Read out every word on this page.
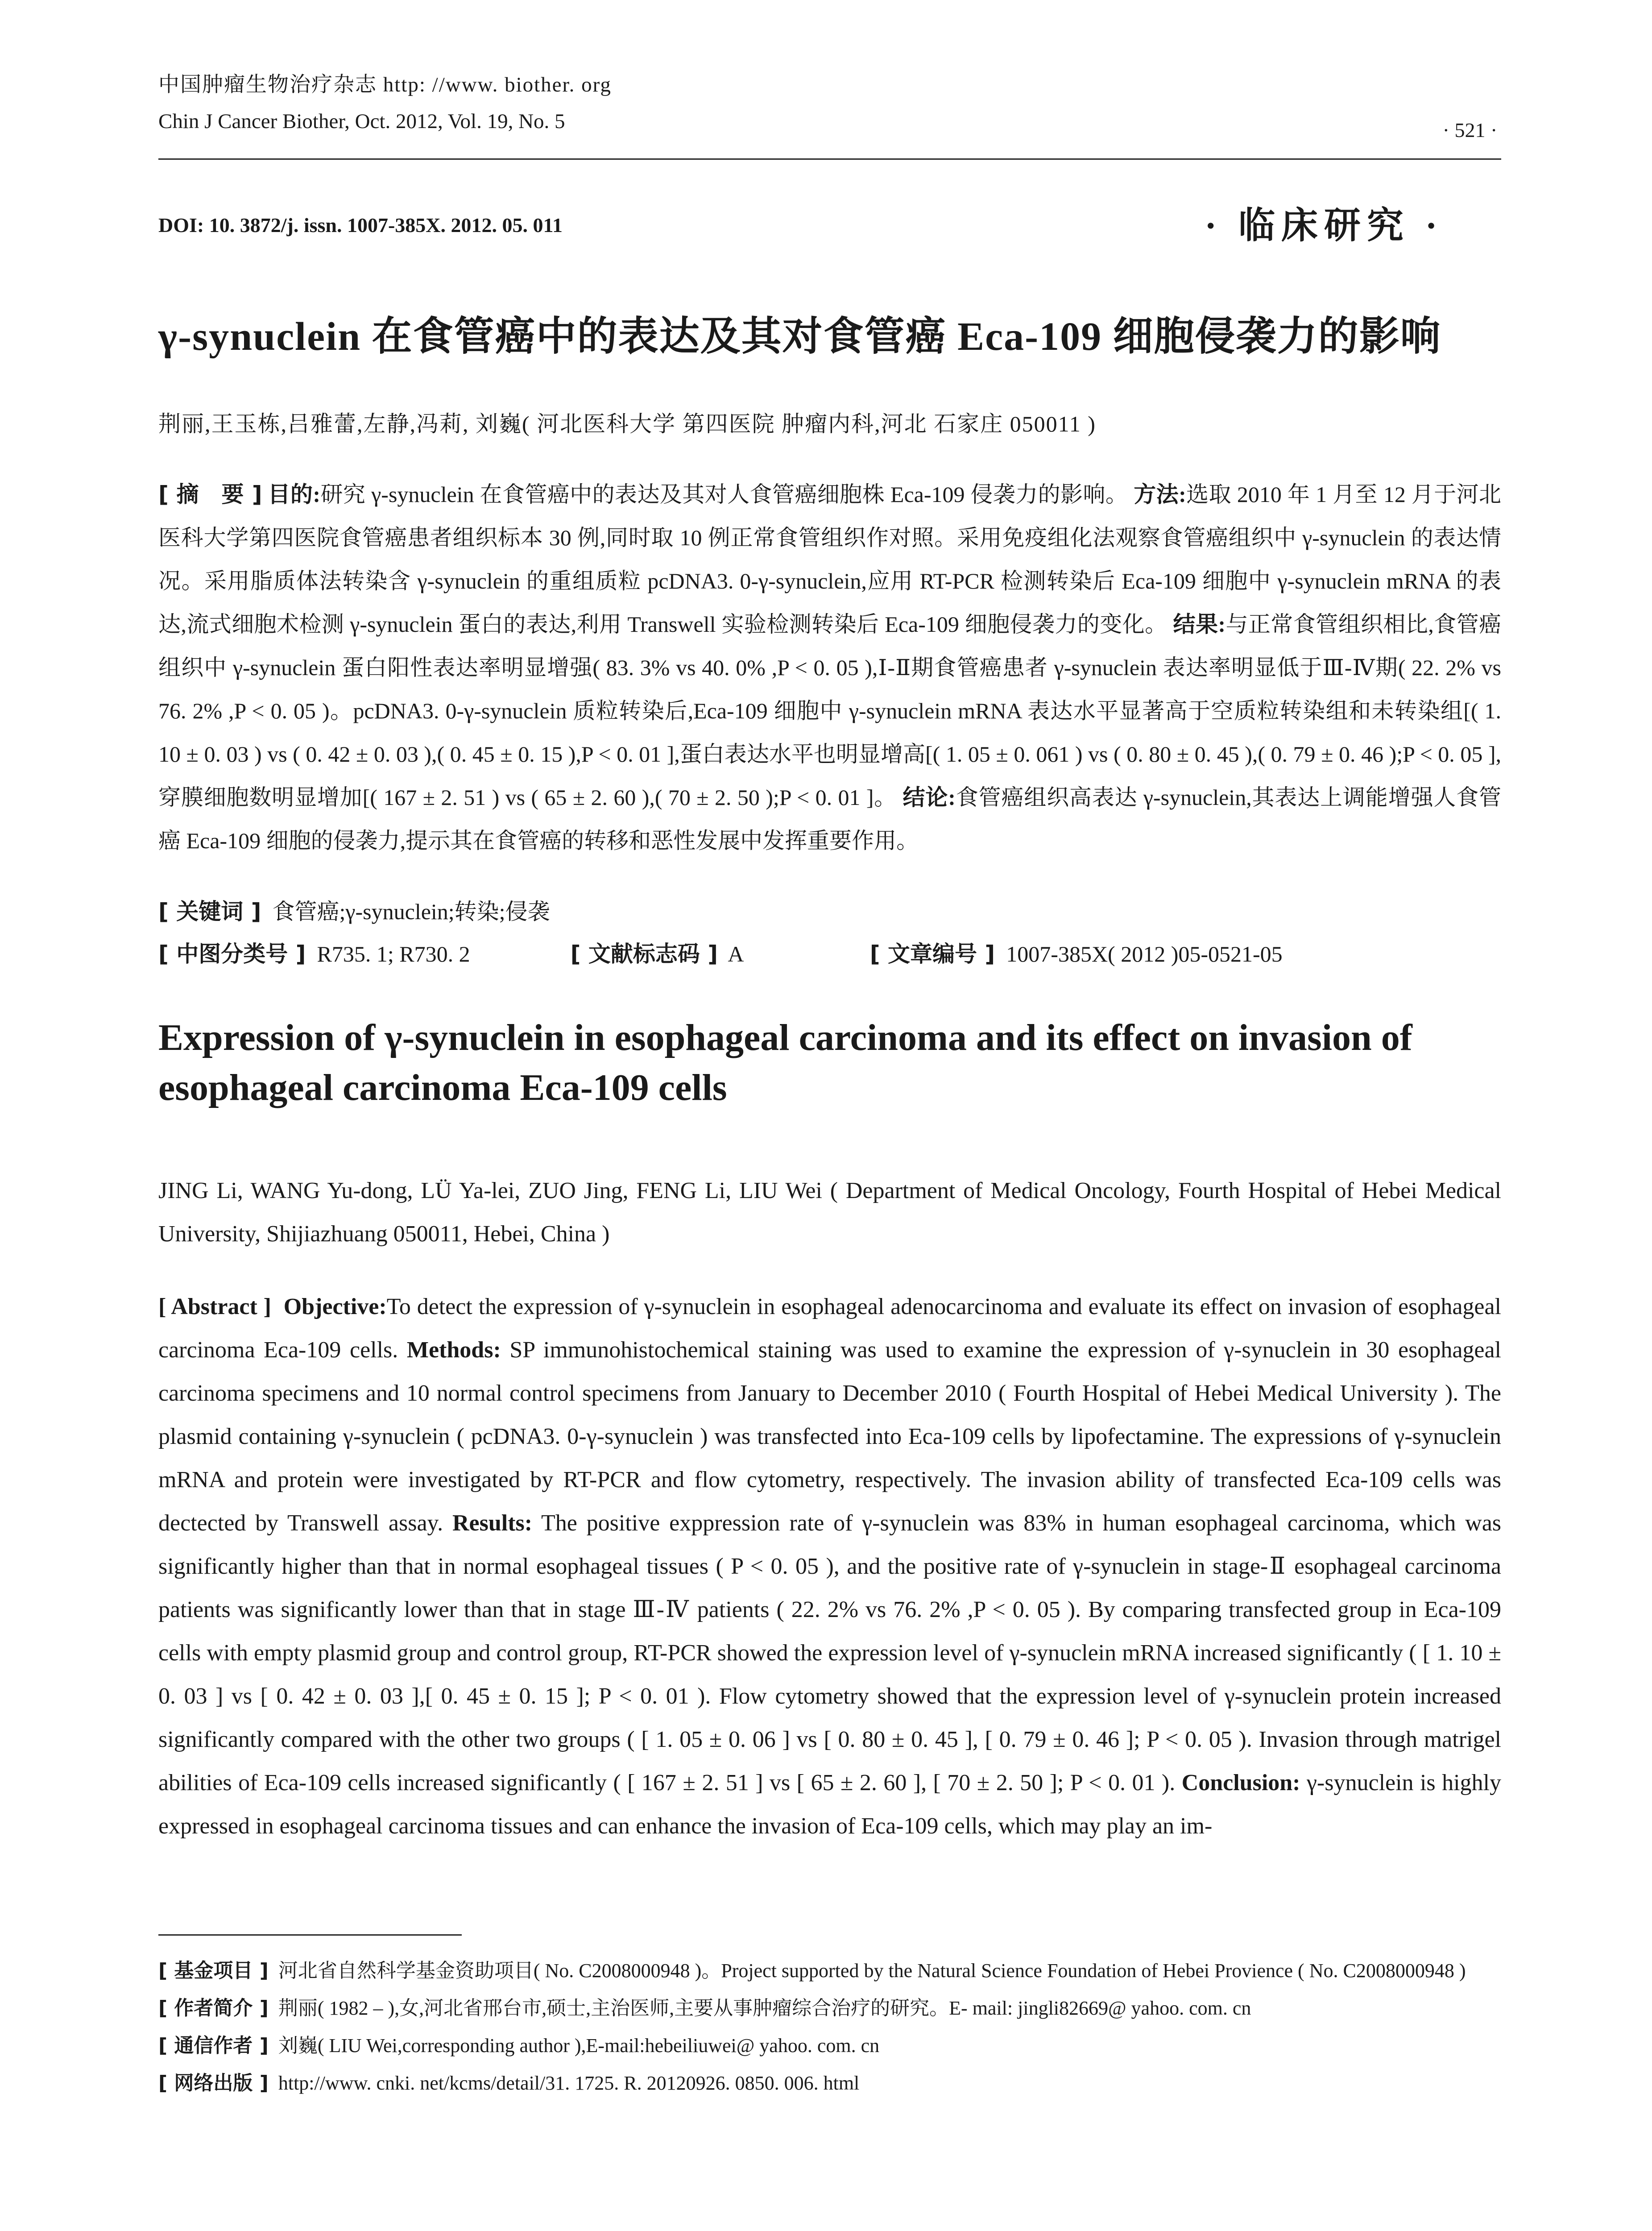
中国肿瘤生物治疗杂志 http: //www. biother. org
Chin J Cancer Biother, Oct. 2012, Vol. 19, No. 5	· 521 ·
DOI: 10. 3872/j. issn. 1007-385X. 2012. 05. 011	· 临床研究 ·
γ-synuclein 在食管癌中的表达及其对食管癌 Eca-109 细胞侵袭力的影响
荆丽,王玉栋,吕雅蕾,左静,冯莉, 刘巍( 河北医科大学 第四医院 肿瘤内科,河北 石家庄 050011 )
[ 摘　要 ] 目的:研究 γ-synuclein 在食管癌中的表达及其对人食管癌细胞株 Eca-109 侵袭力的影响。 方法:选取 2010 年 1 月至 12 月于河北医科大学第四医院食管癌患者组织标本 30 例,同时取 10 例正常食管组织作对照。采用免疫组化法观察食管癌组织中 γ-synuclein 的表达情况。采用脂质体法转染含 γ-synuclein 的重组质粒 pcDNA3. 0-γ-synuclein,应用 RT-PCR 检测转染后 Eca-109 细胞中 γ-synuclein mRNA 的表达,流式细胞术检测 γ-synuclein 蛋白的表达,利用 Transwell 实验检测转染后 Eca-109 细胞侵袭力的变化。 结果:与正常食管组织相比,食管癌组织中 γ-synuclein 蛋白阳性表达率明显增强( 83. 3% vs 40. 0% ,P < 0. 05 ),Ⅰ-Ⅱ期食管癌患者 γ-synuclein 表达率明显低于Ⅲ-Ⅳ期( 22. 2% vs 76. 2% ,P < 0. 05 )。pcDNA3. 0-γ-synuclein 质粒转染后,Eca-109 细胞中 γ-synuclein mRNA 表达水平显著高于空质粒转染组和未转染组[( 1. 10 ± 0. 03 ) vs ( 0. 42 ± 0. 03 ),( 0. 45 ± 0. 15 ),P < 0. 01 ],蛋白表达水平也明显增高[( 1. 05 ± 0. 061 ) vs ( 0. 80 ± 0. 45 ),( 0. 79 ± 0. 46 );P < 0. 05 ],穿膜细胞数明显增加[( 167 ± 2. 51 ) vs ( 65 ± 2. 60 ),( 70 ± 2. 50 );P < 0. 01 ]。 结论:食管癌组织高表达 γ-synuclein,其表达上调能增强人食管癌 Eca-109 细胞的侵袭力,提示其在食管癌的转移和恶性发展中发挥重要作用。
[ 关键词 ] 食管癌;γ-synuclein;转染;侵袭
[ 中图分类号 ] R735. 1; R730. 2	[ 文献标志码 ] A	[ 文章编号 ] 1007-385X( 2012 )05-0521-05
Expression of γ-synuclein in esophageal carcinoma and its effect on invasion of esophageal carcinoma Eca-109 cells
JING Li, WANG Yu-dong, LÜ Ya-lei, ZUO Jing, FENG Li, LIU Wei ( Department of Medical Oncology, Fourth Hospital of Hebei Medical University, Shijiazhuang 050011, Hebei, China )
[ Abstract ] Objective:To detect the expression of γ-synuclein in esophageal adenocarcinoma and evaluate its effect on invasion of esophageal carcinoma Eca-109 cells. Methods: SP immunohistochemical staining was used to examine the expression of γ-synuclein in 30 esophageal carcinoma specimens and 10 normal control specimens from January to December 2010 ( Fourth Hospital of Hebei Medical University ). The plasmid containing γ-synuclein ( pcDNA3. 0-γ-synuclein ) was transfected into Eca-109 cells by lipofectamine. The expressions of γ-synuclein mRNA and protein were investigated by RT-PCR and flow cytometry, respectively. The invasion ability of transfected Eca-109 cells was dectected by Transwell assay. Results: The positive exppression rate of γ-synuclein was 83% in human esophageal carcinoma, which was significantly higher than that in normal esophageal tissues ( P < 0. 05 ), and the positive rate of γ-synuclein in stage-Ⅱ esophageal carcinoma patients was significantly lower than that in stage Ⅲ-Ⅳ patients ( 22. 2% vs 76. 2% ,P < 0. 05 ). By comparing transfected group in Eca-109 cells with empty plasmid group and control group, RT-PCR showed the expression level of γ-synuclein mRNA increased significantly ( [ 1. 10 ± 0. 03 ] vs [ 0. 42 ± 0. 03 ],[ 0. 45 ± 0. 15 ]; P < 0. 01 ). Flow cytometry showed that the expression level of γ-synuclein protein increased significantly compared with the other two groups ( [ 1. 05 ± 0. 06 ] vs [ 0. 80 ± 0. 45 ], [ 0. 79 ± 0. 46 ]; P < 0. 05 ). Invasion through matrigel abilities of Eca-109 cells increased significantly ( [ 167 ± 2. 51 ] vs [ 65 ± 2. 60 ], [ 70 ± 2. 50 ]; P < 0. 01 ). Conclusion: γ-synuclein is highly expressed in esophageal carcinoma tissues and can enhance the invasion of Eca-109 cells, which may play an im-

[ 基金项目 ] 河北省自然科学基金资助项目( No. C2008000948 )。Project supported by the Natural Science Foundation of Hebei Provience ( No. C2008000948 )

[ 作者简介 ] 荆丽( 1982 – ),女,河北省邢台市,硕士,主治医师,主要从事肿瘤综合治疗的研究。E- mail: jingli82669@ yahoo. com. cn

[ 通信作者 ] 刘巍( LIU Wei,corresponding author ),E-mail:hebeiliuwei@ yahoo. com. cn

[ 网络出版 ] http://www. cnki. net/kcms/detail/31. 1725. R. 20120926. 0850. 006. html
